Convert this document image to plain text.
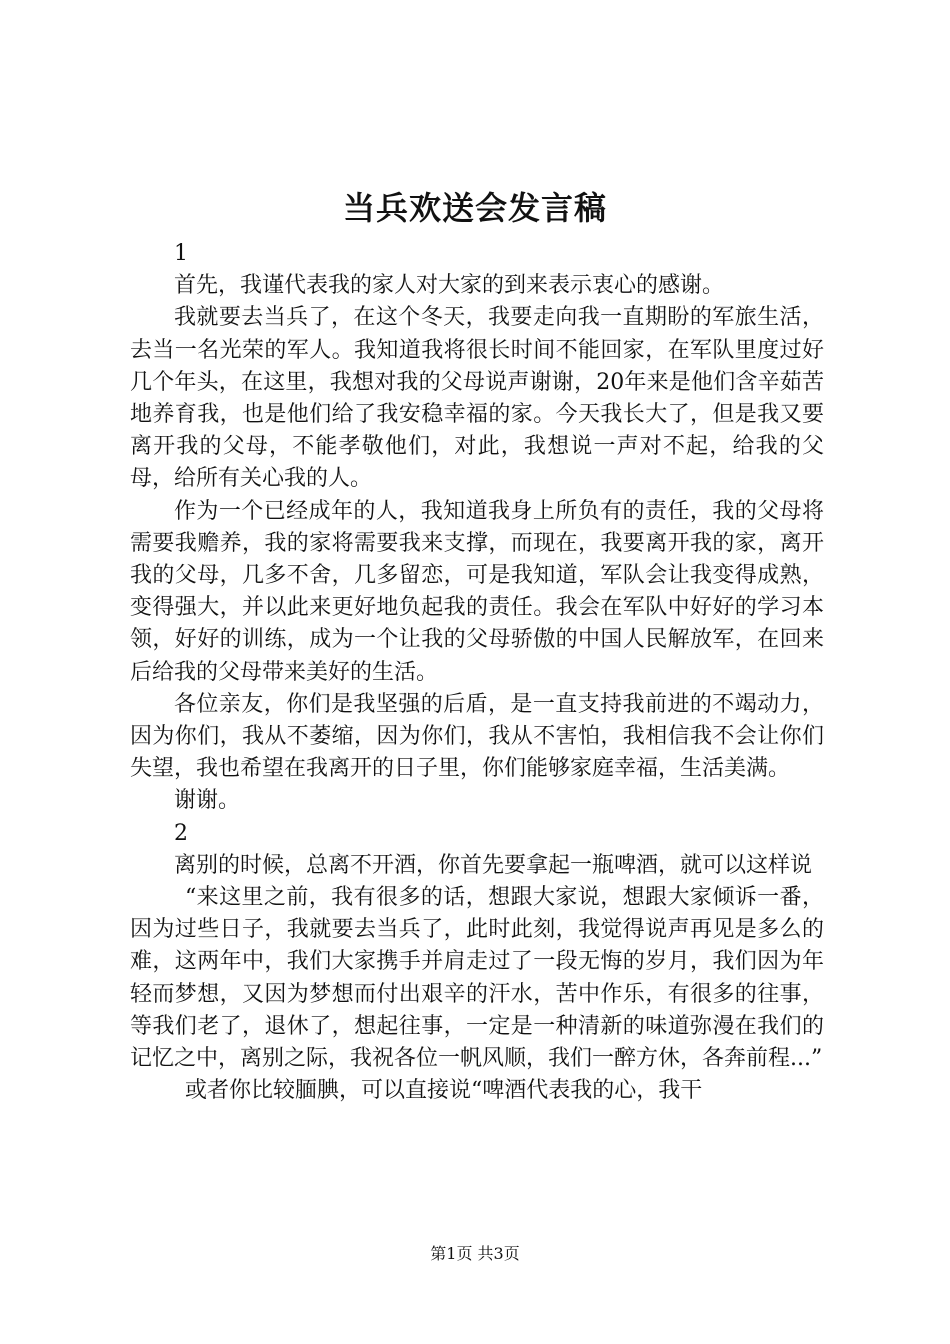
当兵欢送会发言稿

1

首先，我谨代表我的家人对大家的到来表示衷心的感谢。

我就要去当兵了，在这个冬天，我要走向我一直期盼的军旅生活，去当一名光荣的军人。我知道我将很长时间不能回家，在军队里度过好几个年头，在这里，我想对我的父母说声谢谢，20年来是他们含辛茹苦地养育我，也是他们给了我安稳幸福的家。今天我长大了，但是我又要离开我的父母，不能孝敬他们，对此，我想说一声对不起，给我的父母，给所有关心我的人。

作为一个已经成年的人，我知道我身上所负有的责任，我的父母将需要我赡养，我的家将需要我来支撑，而现在，我要离开我的家，离开我的父母，几多不舍，几多留恋，可是我知道，军队会让我变得成熟，变得强大，并以此来更好地负起我的责任。我会在军队中好好的学习本领，好好的训练，成为一个让我的父母骄傲的中国人民解放军，在回来后给我的父母带来美好的生活。

各位亲友，你们是我坚强的后盾，是一直支持我前进的不竭动力，因为你们，我从不萎缩，因为你们，我从不害怕，我相信我不会让你们失望，我也希望在我离开的日子里，你们能够家庭幸福，生活美满。

谢谢。

2

离别的时候，总离不开酒，你首先要拿起一瓶啤酒，就可以这样说

“来这里之前，我有很多的话，想跟大家说，想跟大家倾诉一番，因为过些日子，我就要去当兵了，此时此刻，我觉得说声再见是多么的难，这两年中，我们大家携手并肩走过了一段无悔的岁月，我们因为年轻而梦想，又因为梦想而付出艰辛的汗水，苦中作乐，有很多的往事，等我们老了，退休了，想起往事，一定是一种清新的味道弥漫在我们的记忆之中，离别之际，我祝各位一帆风顺，我们一醉方休，各奔前程...”

或者你比较腼腆，可以直接说“啤酒代表我的心，我干

第1页 共3页
